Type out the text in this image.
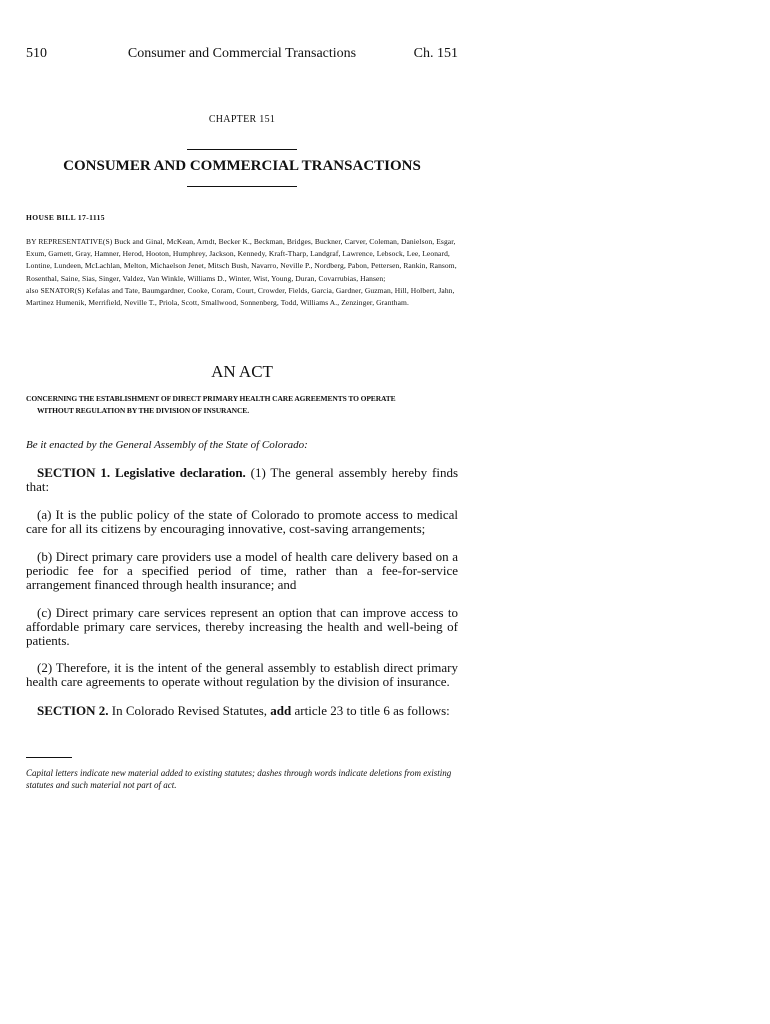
510	Consumer and Commercial Transactions	Ch. 151
CHAPTER 151
CONSUMER AND COMMERCIAL TRANSACTIONS
HOUSE BILL 17-1115

BY REPRESENTATIVE(S) Buck and Ginal, McKean, Arndt, Becker K., Beckman, Bridges, Buckner, Carver, Coleman, Danielson, Esgar, Exum, Garnett, Gray, Hamner, Herod, Hooton, Humphrey, Jackson, Kennedy, Kraft-Tharp, Landgraf, Lawrence, Lebsock, Lee, Leonard, Lontine, Lundeen, McLachlan, Melton, Michaelson Jenet, Mitsch Bush, Navarro, Neville P., Nordberg, Pabon, Pettersen, Rankin, Ransom, Rosenthal, Saine, Sias, Singer, Valdez, Van Winkle, Williams D., Winter, Wist, Young, Duran, Covarrubias, Hansen;

also SENATOR(S) Kefalas and Tate, Baumgardner, Cooke, Coram, Court, Crowder, Fields, Garcia, Gardner, Guzman, Hill, Holbert, Jahn, Martinez Humenik, Merrifield, Neville T., Priola, Scott, Smallwood, Sonnenberg, Todd, Williams A., Zenzinger, Grantham.

AN ACT
CONCERNING THE ESTABLISHMENT OF DIRECT PRIMARY HEALTH CARE AGREEMENTS TO OPERATE
WITHOUT REGULATION BY THE DIVISION OF INSURANCE.
Be it enacted by the General Assembly of the State of Colorado:
SECTION 1. Legislative declaration. (1) The general assembly hereby finds that:
(a) It is the public policy of the state of Colorado to promote access to medical care for all its citizens by encouraging innovative, cost-saving arrangements;
(b) Direct primary care providers use a model of health care delivery based on a periodic fee for a specified period of time, rather than a fee-for-service arrangement financed through health insurance; and
(c) Direct primary care services represent an option that can improve access to affordable primary care services, thereby increasing the health and well-being of patients.
(2) Therefore, it is the intent of the general assembly to establish direct primary health care agreements to operate without regulation by the division of insurance.
SECTION 2. In Colorado Revised Statutes, add article 23 to title 6 as follows:
Capital letters indicate new material added to existing statutes; dashes through words indicate deletions from existing statutes and such material not part of act.
